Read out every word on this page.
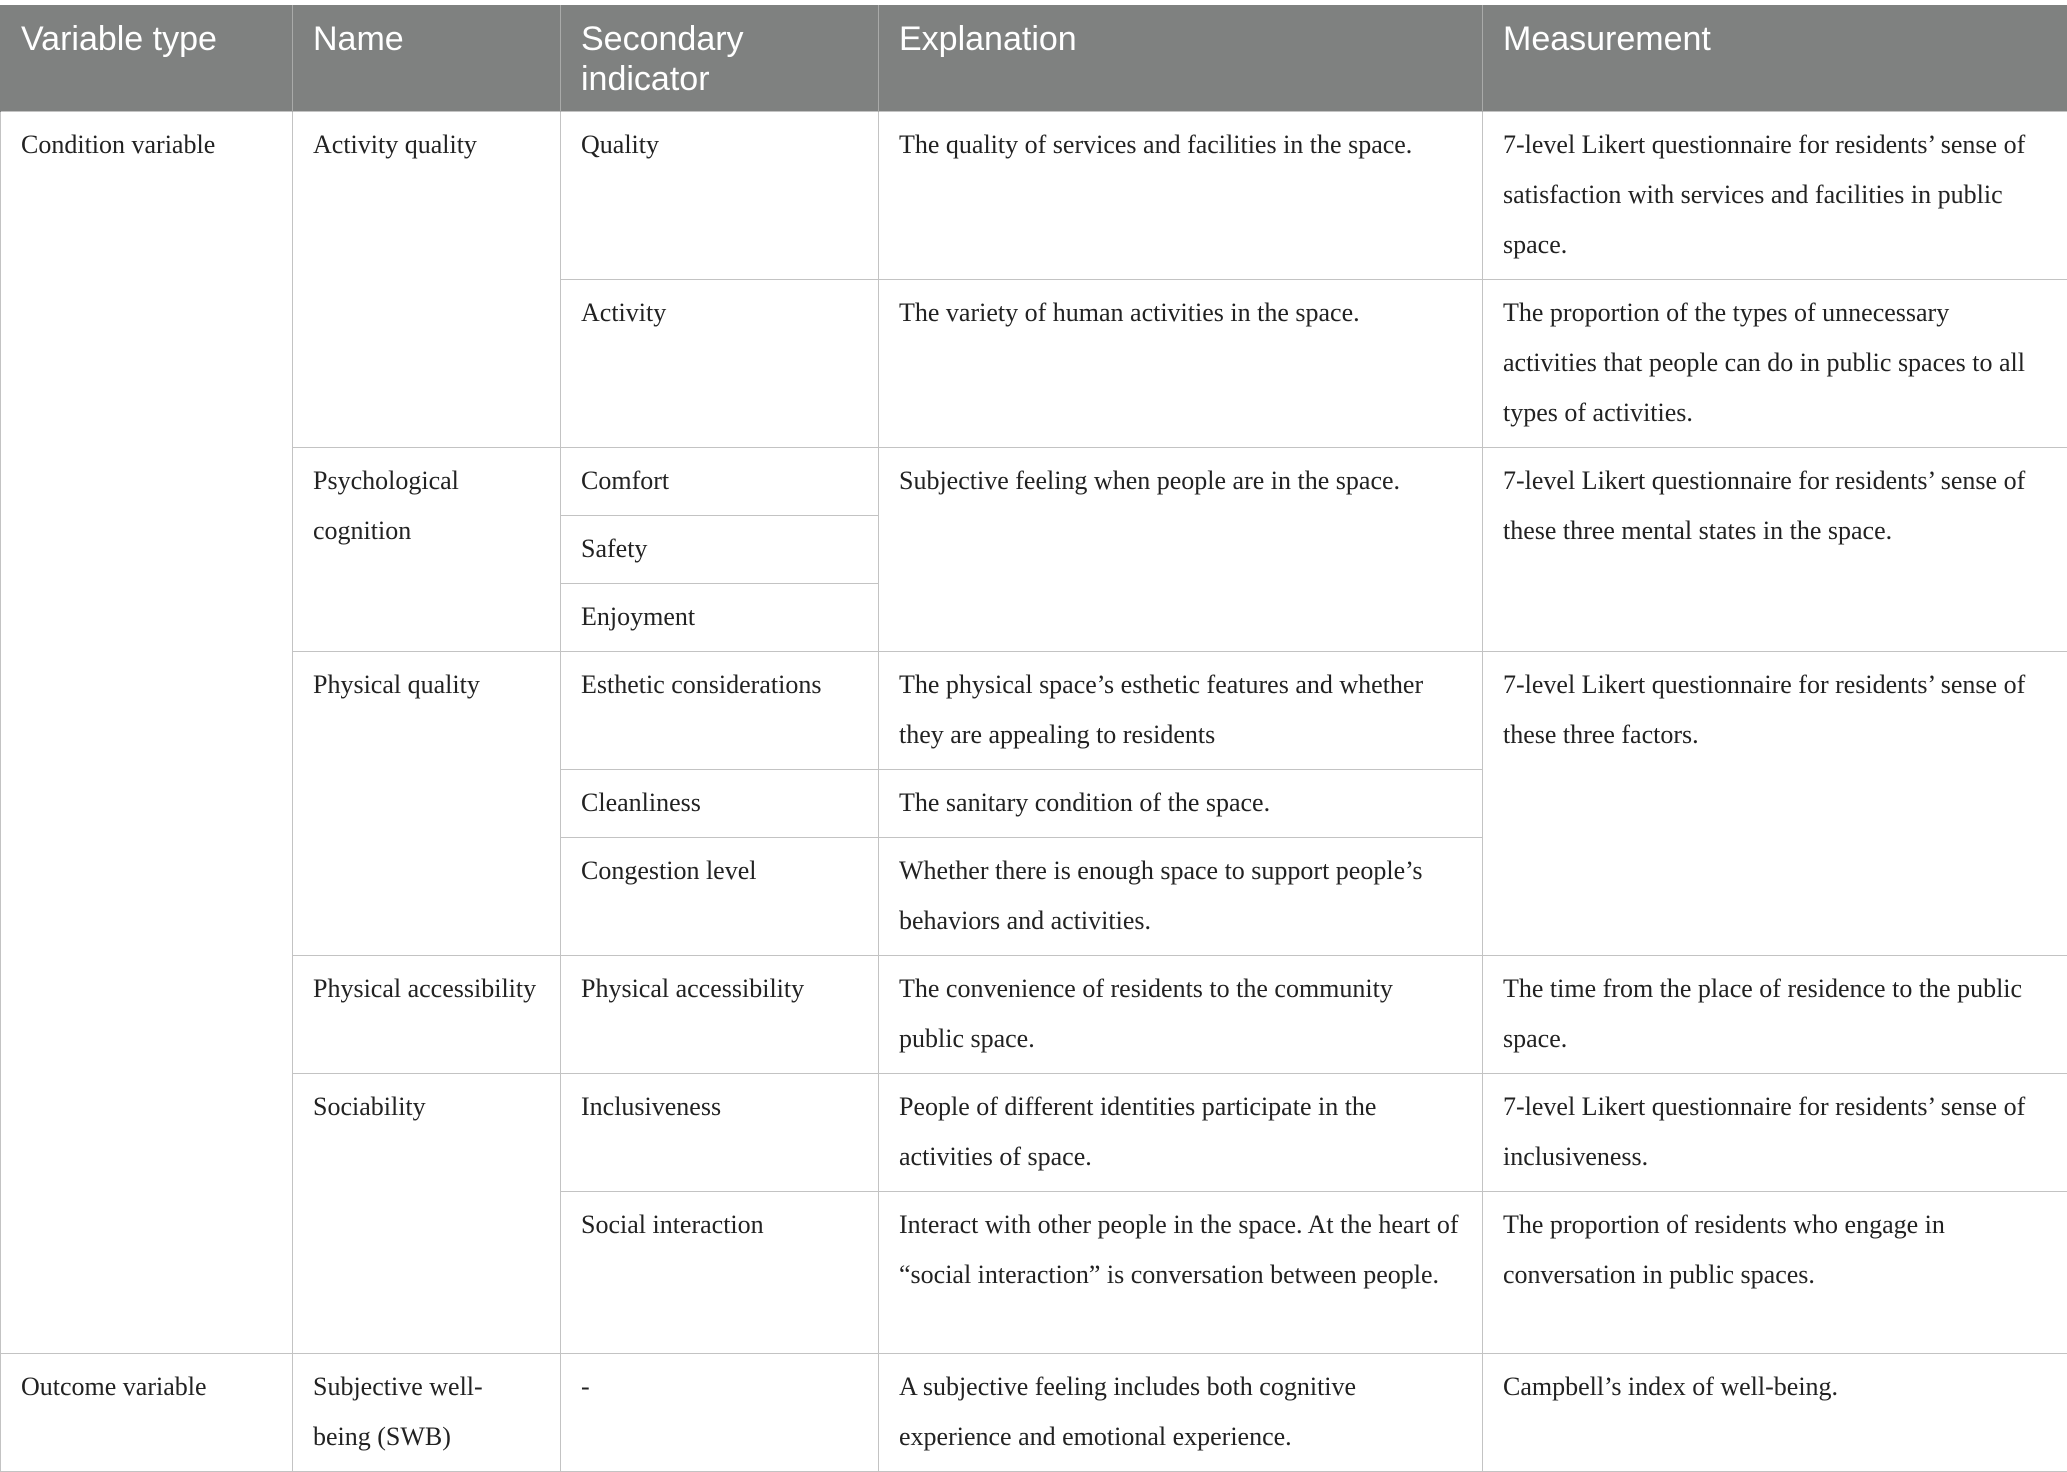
Variable type	Name	Secondary indicator	Explanation	Measurement
Condition variable	Activity quality	Quality	The quality of services and facilities in the space.	7-level Likert questionnaire for residents’ sense of satisfaction with services and facilities in public space.
		Activity	The variety of human activities in the space.	The proportion of the types of unnecessary activities that people can do in public spaces to all types of activities.
	Psychological cognition	Comfort	Subjective feeling when people are in the space.	7-level Likert questionnaire for residents’ sense of these three mental states in the space.
		Safety		
		Enjoyment		
	Physical quality	Esthetic considerations	The physical space’s esthetic features and whether they are appealing to residents	7-level Likert questionnaire for residents’ sense of these three factors.
		Cleanliness	The sanitary condition of the space.	
		Congestion level	Whether there is enough space to support people’s behaviors and activities.	
	Physical accessibility	Physical accessibility	The convenience of residents to the community public space.	The time from the place of residence to the public space.
	Sociability	Inclusiveness	People of different identities participate in the activities of space.	7-level Likert questionnaire for residents’ sense of inclusiveness.
		Social interaction	Interact with other people in the space. At the heart of “social interaction” is conversation between people.	The proportion of residents who engage in conversation in public spaces.

Outcome variable	Subjective well-being (SWB)	-	A subjective feeling includes both cognitive experience and emotional experience.	Campbell’s index of well-being.
